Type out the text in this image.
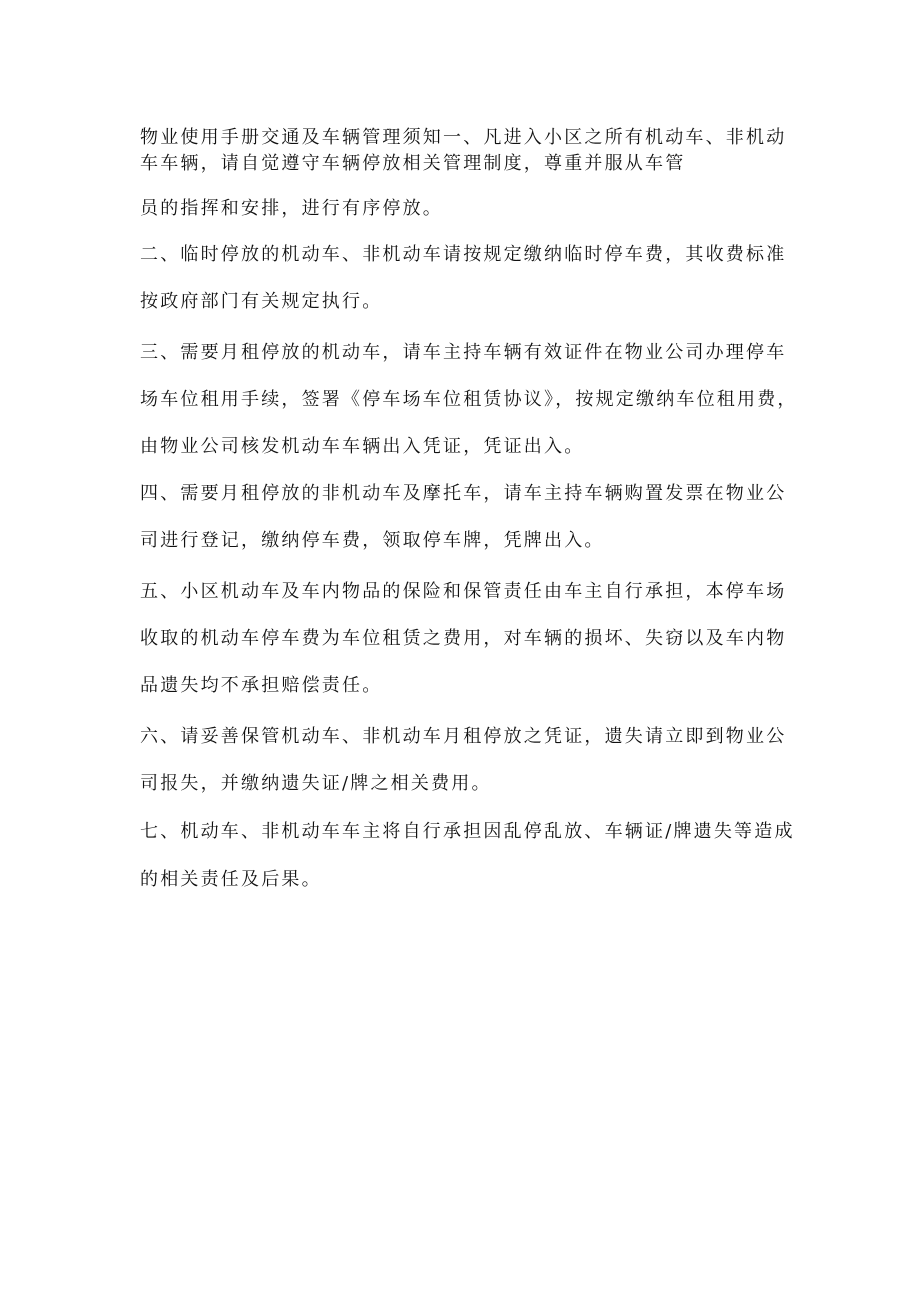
物业使用手册交通及车辆管理须知一、凡进入小区之所有机动车、非机动
车车辆，请自觉遵守车辆停放相关管理制度，尊重并服从车管
员的指挥和安排，进行有序停放。
二、临时停放的机动车、非机动车请按规定缴纳临时停车费，其收费标准
按政府部门有关规定执行。
三、需要月租停放的机动车，请车主持车辆有效证件在物业公司办理停车
场车位租用手续，签署《停车场车位租赁协议》，按规定缴纳车位租用费，
由物业公司核发机动车车辆出入凭证，凭证出入。
四、需要月租停放的非机动车及摩托车，请车主持车辆购置发票在物业公
司进行登记，缴纳停车费，领取停车牌，凭牌出入。
五、小区机动车及车内物品的保险和保管责任由车主自行承担，本停车场
收取的机动车停车费为车位租赁之费用，对车辆的损坏、失窃以及车内物
品遗失均不承担赔偿责任。
六、请妥善保管机动车、非机动车月租停放之凭证，遗失请立即到物业公
司报失，并缴纳遗失证/牌之相关费用。
七、机动车、非机动车车主将自行承担因乱停乱放、车辆证/牌遗失等造成
的相关责任及后果。
